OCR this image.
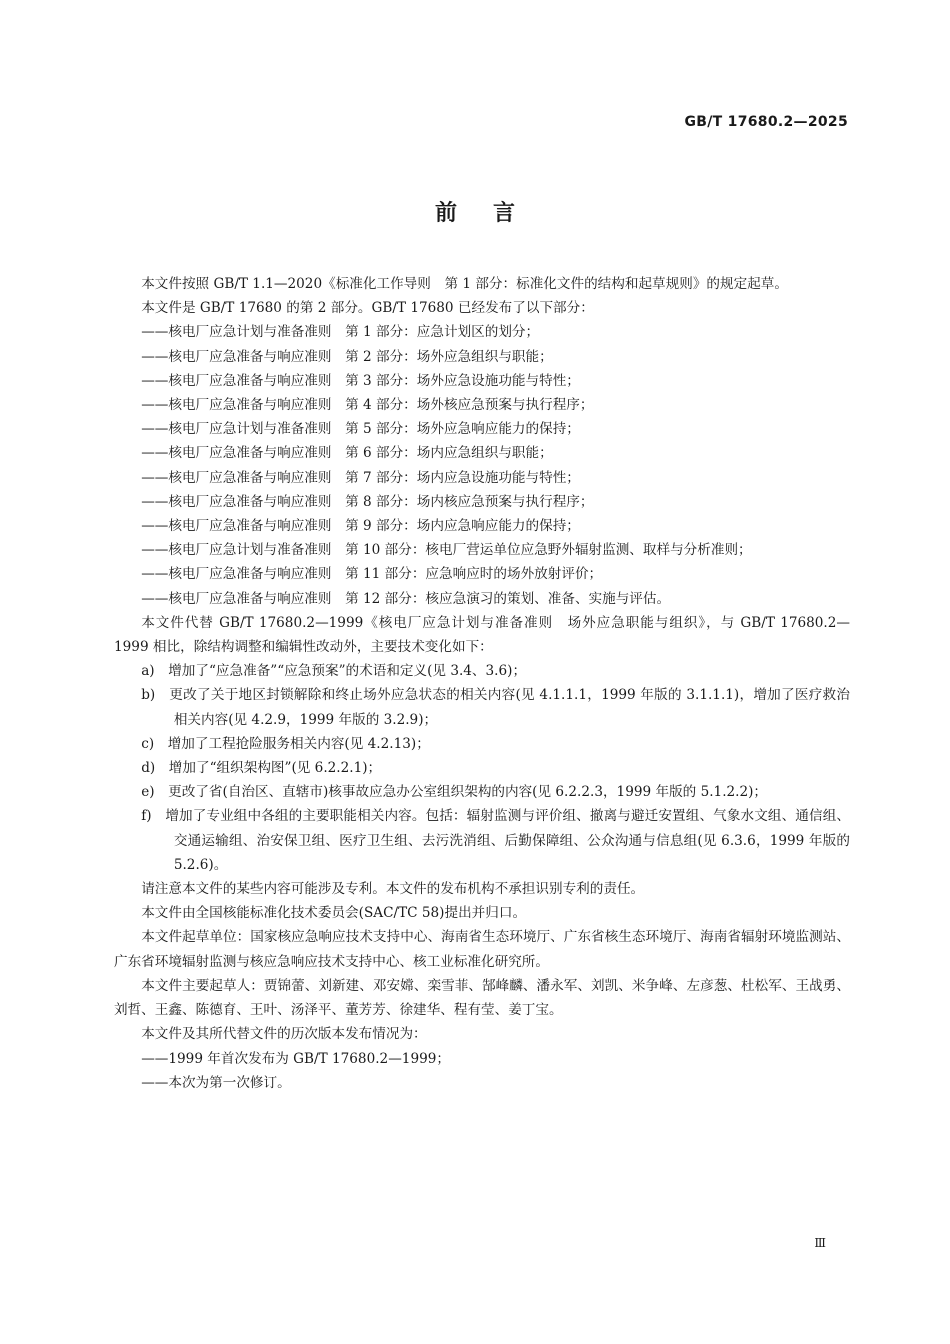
GB/T 17680.2—2025
前言

本文件按照 GB/T 1.1—2020《标准化工作导则　第 1 部分：标准化文件的结构和起草规则》的规定起草。

本文件是 GB/T 17680 的第 2 部分。GB/T 17680 已经发布了以下部分：

——核电厂应急计划与准备准则　第 1 部分：应急计划区的划分；

——核电厂应急准备与响应准则　第 2 部分：场外应急组织与职能；

——核电厂应急准备与响应准则　第 3 部分：场外应急设施功能与特性；

——核电厂应急准备与响应准则　第 4 部分：场外核应急预案与执行程序；

——核电厂应急计划与准备准则　第 5 部分：场外应急响应能力的保持；

——核电厂应急准备与响应准则　第 6 部分：场内应急组织与职能；

——核电厂应急准备与响应准则　第 7 部分：场内应急设施功能与特性；

——核电厂应急准备与响应准则　第 8 部分：场内核应急预案与执行程序；

——核电厂应急准备与响应准则　第 9 部分：场内应急响应能力的保持；

——核电厂应急计划与准备准则　第 10 部分：核电厂营运单位应急野外辐射监测、取样与分析准则；

——核电厂应急准备与响应准则　第 11 部分：应急响应时的场外放射评价；

——核电厂应急准备与响应准则　第 12 部分：核应急演习的策划、准备、实施与评估。

本文件代替 GB/T 17680.2—1999《核电厂应急计划与准备准则　场外应急职能与组织》，与 GB/T 17680.2—1999 相比，除结构调整和编辑性改动外，主要技术变化如下：

a)　增加了“应急准备”“应急预案”的术语和定义(见 3.4、3.6)；

b)　更改了关于地区封锁解除和终止场外应急状态的相关内容(见 4.1.1.1，1999 年版的 3.1.1.1)，增加了医疗救治相关内容(见 4.2.9，1999 年版的 3.2.9)；

c)　增加了工程抢险服务相关内容(见 4.2.13)；

d)　增加了“组织架构图”(见 6.2.2.1)；

e)　更改了省(自治区、直辖市)核事故应急办公室组织架构的内容(见 6.2.2.3，1999 年版的 5.1.2.2)；

f)　增加了专业组中各组的主要职能相关内容。包括：辐射监测与评价组、撤离与避迁安置组、气象水文组、通信组、交通运输组、治安保卫组、医疗卫生组、去污洗消组、后勤保障组、公众沟通与信息组(见 6.3.6，1999 年版的 5.2.6)。

请注意本文件的某些内容可能涉及专利。本文件的发布机构不承担识别专利的责任。

本文件由全国核能标准化技术委员会(SAC/TC 58)提出并归口。

本文件起草单位：国家核应急响应技术支持中心、海南省生态环境厅、广东省核生态环境厅、海南省辐射环境监测站、广东省环境辐射监测与核应急响应技术支持中心、核工业标准化研究所。

本文件主要起草人：贾锦蕾、刘新建、邓安嫦、栾雪菲、郜峰麟、潘永军、刘凯、米争峰、左彦葱、杜松军、王战勇、刘哲、王鑫、陈德育、王叶、汤泽平、董芳芳、徐建华、程有莹、姜丁宝。

本文件及其所代替文件的历次版本发布情况为：

——1999 年首次发布为 GB/T 17680.2—1999；

——本次为第一次修订。

Ⅲ
